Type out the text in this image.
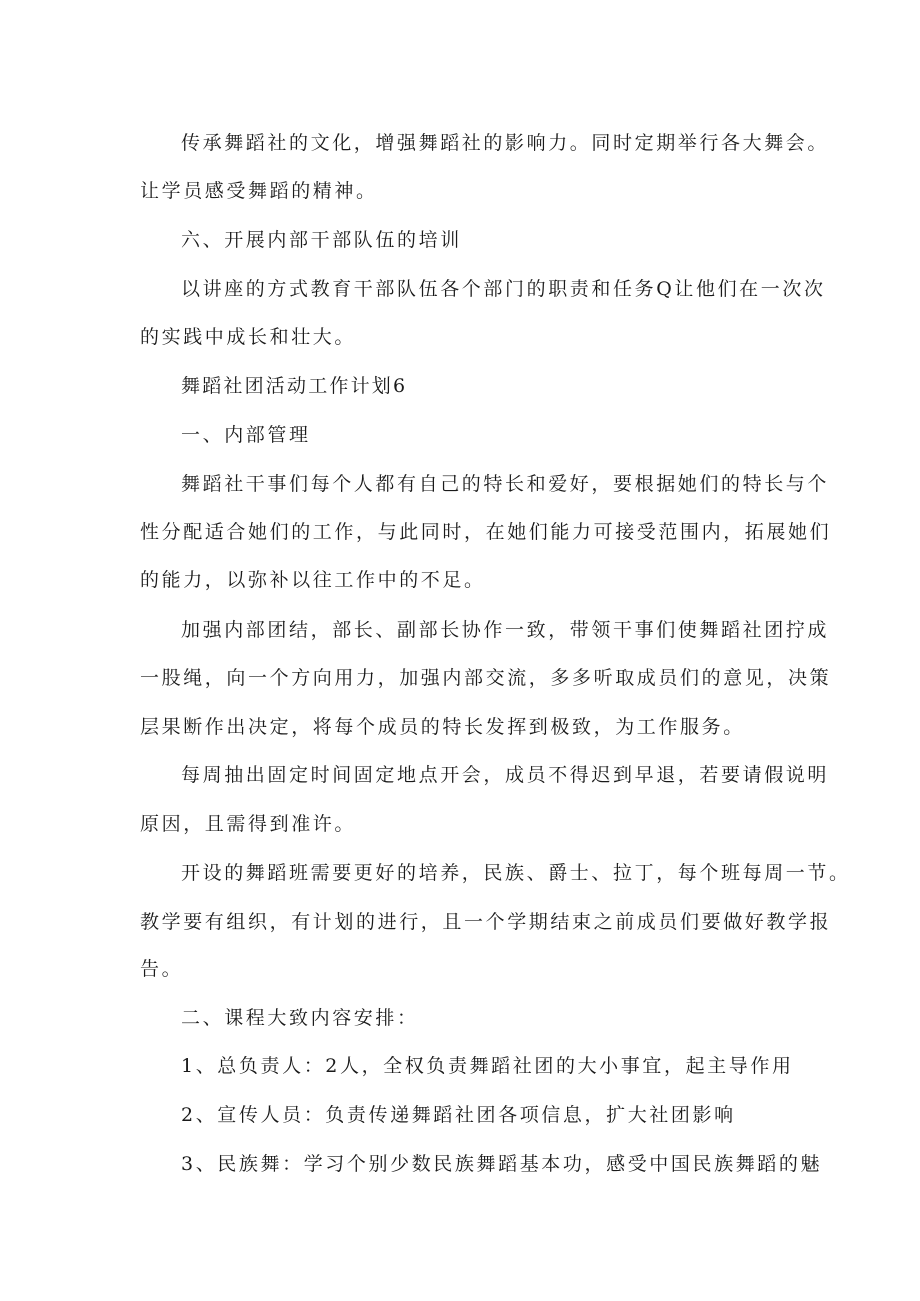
传承舞蹈社的文化，增强舞蹈社的影响力。同时定期举行各大舞会。
让学员感受舞蹈的精神。
六、开展内部干部队伍的培训
以讲座的方式教育干部队伍各个部门的职责和任务Q让他们在一次次
的实践中成长和壮大。
舞蹈社团活动工作计划6
一、内部管理
舞蹈社干事们每个人都有自己的特长和爱好，要根据她们的特长与个
性分配适合她们的工作，与此同时，在她们能力可接受范围内，拓展她们
的能力，以弥补以往工作中的不足。
加强内部团结，部长、副部长协作一致，带领干事们使舞蹈社团拧成
一股绳，向一个方向用力，加强内部交流，多多听取成员们的意见，决策
层果断作出决定，将每个成员的特长发挥到极致，为工作服务。
每周抽出固定时间固定地点开会，成员不得迟到早退，若要请假说明
原因，且需得到准许。
开设的舞蹈班需要更好的培养，民族、爵士、拉丁，每个班每周一节。
教学要有组织，有计划的进行，且一个学期结束之前成员们要做好教学报
告。
二、课程大致内容安排：
1、总负责人：2人，全权负责舞蹈社团的大小事宜，起主导作用
2、宣传人员：负责传递舞蹈社团各项信息，扩大社团影响
3、民族舞：学习个别少数民族舞蹈基本功，感受中国民族舞蹈的魅
